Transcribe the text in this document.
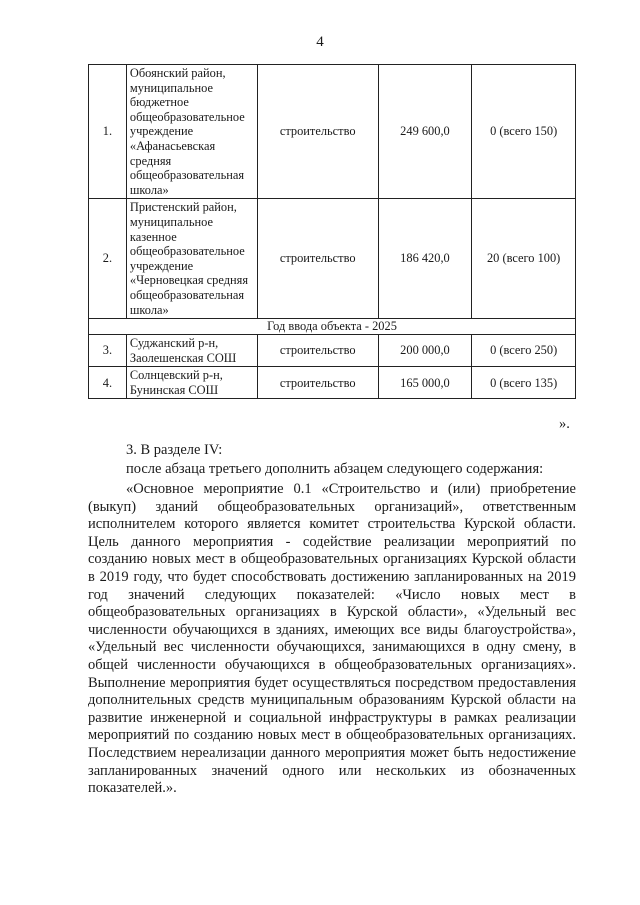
4
1.	Обоянский район, муниципальное бюджетное общеобразовательное учреждение «Афанасьевская средняя общеобразовательная школа»	строительство	249 600,0	0 (всего 150)
2.	Пристенский район, муниципальное казенное общеобразовательное учреждение «Черновецкая средняя общеобразовательная школа»	строительство	186 420,0	20 (всего 100)
Год ввода объекта - 2025				
3.	Суджанский р-н, Заолешенская СОШ	строительство	200 000,0	0 (всего 250)
4.	Солнцевский р-н, Бунинская СОШ	строительство	165 000,0	0 (всего 135)
».
3. В разделе IV:
после абзаца третьего дополнить абзацем следующего содержания:
«Основное мероприятие 0.1 «Строительство и (или) приобретение (выкуп) зданий общеобразовательных организаций», ответственным исполнителем которого является комитет строительства Курской области. Цель данного мероприятия - содействие реализации мероприятий по созданию новых мест в общеобразовательных организациях Курской области в 2019 году, что будет способствовать достижению запланированных на 2019 год значений следующих показателей: «Число новых мест в общеобразовательных организациях в Курской области», «Удельный вес численности обучающихся в зданиях, имеющих все виды благоустройства», «Удельный вес численности обучающихся, занимающихся в одну смену, в общей численности обучающихся в общеобразовательных организациях». Выполнение мероприятия будет осуществляться посредством предоставления дополнительных средств муниципальным образованиям Курской области на развитие инженерной и социальной инфраструктуры в рамках реализации мероприятий по созданию новых мест в общеобразовательных организациях. Последствием нереализации данного мероприятия может быть недостижение запланированных значений одного или нескольких из обозначенных показателей.».
